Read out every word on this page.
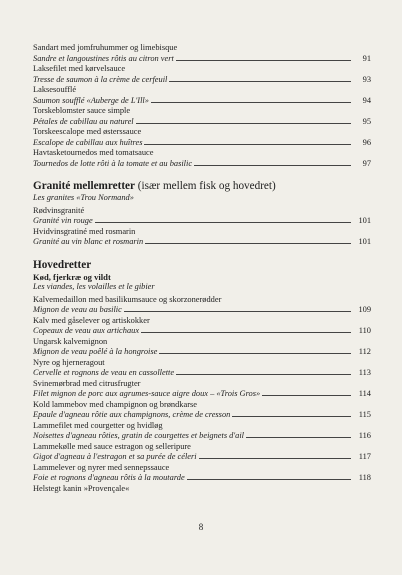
Sandart med jomfruhummer og limebisque
Sandre et langoustines rôtis au citron vert	91
Laksefilet med kørvelsauce
Tresse de saumon à la crème de cerfeuil	93
Laksesoufflé
Saumon soufflé «Auberge de L'Ill»	94
Torskeblomster sauce simple
Pétales de cabillau au naturel	95
Torskeescalope med østerssauce
Escalope de cabillau aux huîtres	96
Havtasketournedos med tomatsauce
Tournedos de lotte rôti à la tomate et au basilic	97
Granité mellemretter (især mellem fisk og hovedret)
Les granites «Trou Normand»
Rødvinsgranité
Granité vin rouge	101
Hvidvinsgratiné med rosmarin
Granité au vin blanc et rosmarin	101
Hovedretter
Kød, fjerkræ og vildt
Les viandes, les volailles et le gibier
Kalvemedaillon med basilikumsauce og skorzonerødder
Mignon de veau au basilic	109
Kalv med gåselever og artiskokker
Copeaux de veau aux artichaux	110
Ungarsk kalvemignon
Mignon de veau poêlé à la hongroise	112
Nyre og hjerneragout
Cervelle et rognons de veau en cassollette	113
Svinemørbrad med citrusfrugter
Filet mignon de porc aux agrumes-sauce aigre doux – «Trois Gros»	114
Kold lammebov med champignon og brøndkarse
Epaule d'agneau rôtie aux champignons, crème de cresson	115
Lammefilet med courgetter og hvidløg
Noisettes d'agneau rôties, gratin de courgettes et beignets d'ail	116
Lammekølle med sauce estragon og selleripure
Gigot d'agneau à l'estragon et sa purée de céleri	117
Lammelever og nyrer med sennepssauce
Foie et rognons d'agneau rôtis à la moutarde	118
Helstegt kanin »Provençale«
8
